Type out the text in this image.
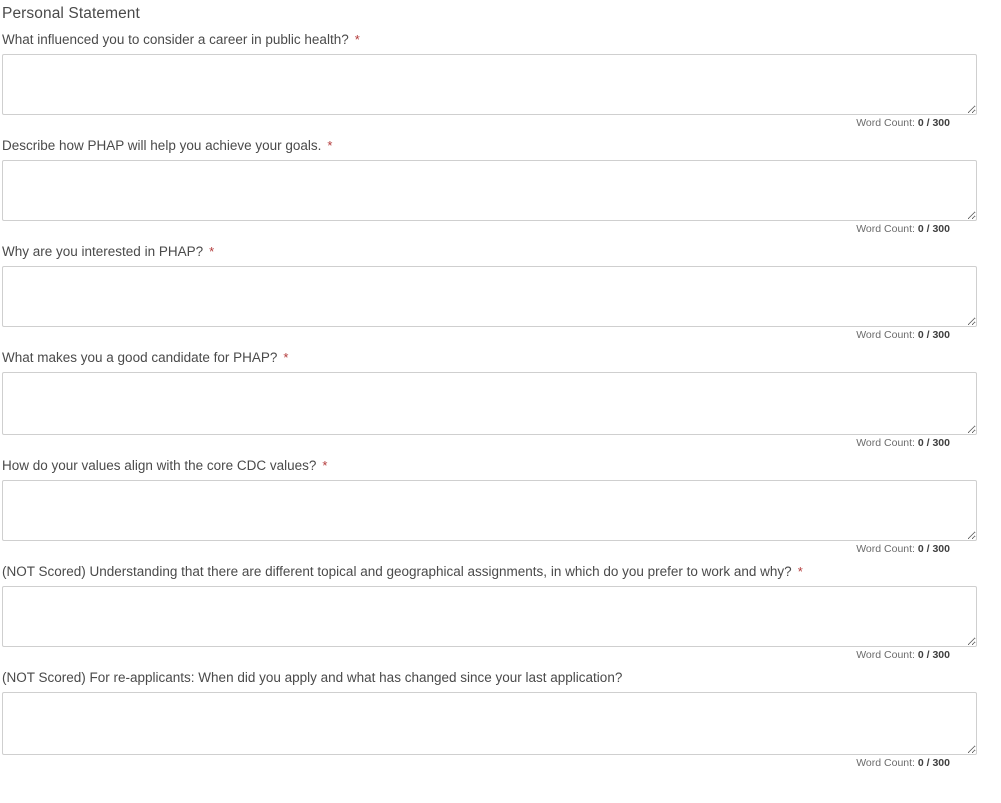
Personal Statement
What influenced you to consider a career in public health? *
Word Count: 0 / 300
Describe how PHAP will help you achieve your goals. *
Word Count: 0 / 300
Why are you interested in PHAP? *
Word Count: 0 / 300
What makes you a good candidate for PHAP? *
Word Count: 0 / 300
How do your values align with the core CDC values? *
Word Count: 0 / 300
(NOT Scored) Understanding that there are different topical and geographical assignments, in which do you prefer to work and why? *
Word Count: 0 / 300
(NOT Scored) For re-applicants: When did you apply and what has changed since your last application?
Word Count: 0 / 300
